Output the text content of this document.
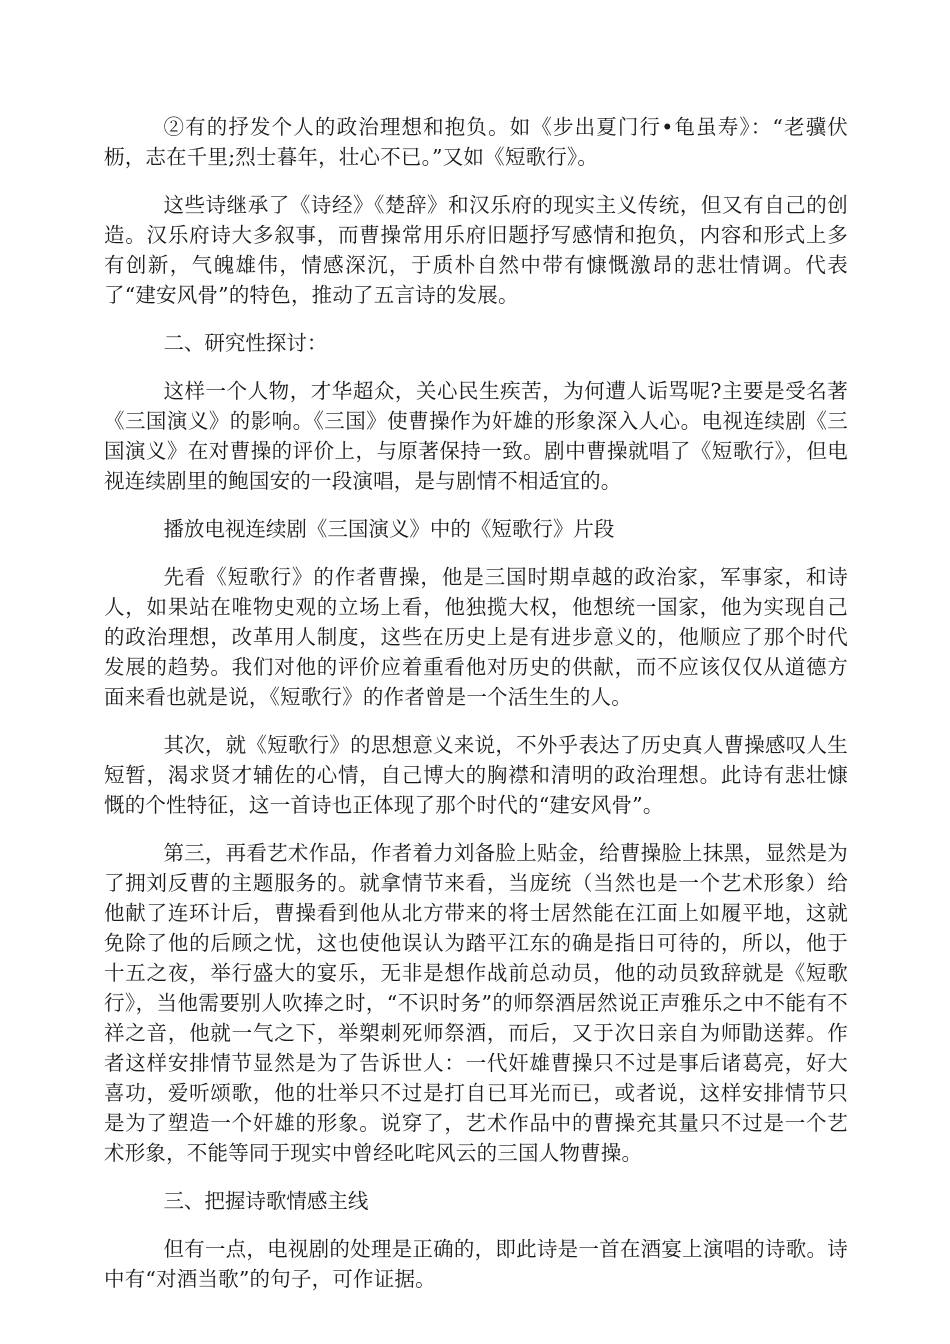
②有的抒发个人的政治理想和抱负。如《步出夏门行•龟虽寿》：“老骥伏枥，志在千里;烈士暮年，壮心不已。”又如《短歌行》。

这些诗继承了《诗经》《楚辞》和汉乐府的现实主义传统，但又有自己的创造。汉乐府诗大多叙事，而曹操常用乐府旧题抒写感情和抱负，内容和形式上多有创新，气魄雄伟，情感深沉，于质朴自然中带有慷慨激昂的悲壮情调。代表了“建安风骨”的特色，推动了五言诗的发展。

二、研究性探讨：

这样一个人物，才华超众，关心民生疾苦，为何遭人诟骂呢?主要是受名著《三国演义》的影响。《三国》使曹操作为奸雄的形象深入人心。电视连续剧《三国演义》在对曹操的评价上，与原著保持一致。剧中曹操就唱了《短歌行》，但电视连续剧里的鲍国安的一段演唱，是与剧情不相适宜的。

播放电视连续剧《三国演义》中的《短歌行》片段

先看《短歌行》的作者曹操，他是三国时期卓越的政治家，军事家，和诗人，如果站在唯物史观的立场上看，他独揽大权，他想统一国家，他为实现自己的政治理想，改革用人制度，这些在历史上是有进步意义的，他顺应了那个时代发展的趋势。我们对他的评价应着重看他对历史的供献，而不应该仅仅从道德方面来看也就是说，《短歌行》的作者曾是一个活生生的人。

其次，就《短歌行》的思想意义来说，不外乎表达了历史真人曹操感叹人生短暂，渴求贤才辅佐的心情，自己博大的胸襟和清明的政治理想。此诗有悲壮慷慨的个性特征，这一首诗也正体现了那个时代的“建安风骨”。

第三，再看艺术作品，作者着力刘备脸上贴金，给曹操脸上抹黑，显然是为了拥刘反曹的主题服务的。就拿情节来看，当庞统（当然也是一个艺术形象）给他献了连环计后，曹操看到他从北方带来的将士居然能在江面上如履平地，这就免除了他的后顾之忧，这也使他误认为踏平江东的确是指日可待的，所以，他于十五之夜，举行盛大的宴乐，无非是想作战前总动员，他的动员致辞就是《短歌行》，当他需要别人吹捧之时，“不识时务”的师祭酒居然说正声雅乐之中不能有不祥之音，他就一气之下，举槊刺死师祭酒，而后，又于次日亲自为师勖送葬。作者这样安排情节显然是为了告诉世人：一代奸雄曹操只不过是事后诸葛亮，好大喜功，爱听颂歌，他的壮举只不过是打自已耳光而已，或者说，这样安排情节只是为了塑造一个奸雄的形象。说穿了，艺术作品中的曹操充其量只不过是一个艺术形象，不能等同于现实中曾经叱咤风云的三国人物曹操。

三、把握诗歌情感主线

但有一点，电视剧的处理是正确的，即此诗是一首在酒宴上演唱的诗歌。诗中有“对酒当歌”的句子，可作证据。
